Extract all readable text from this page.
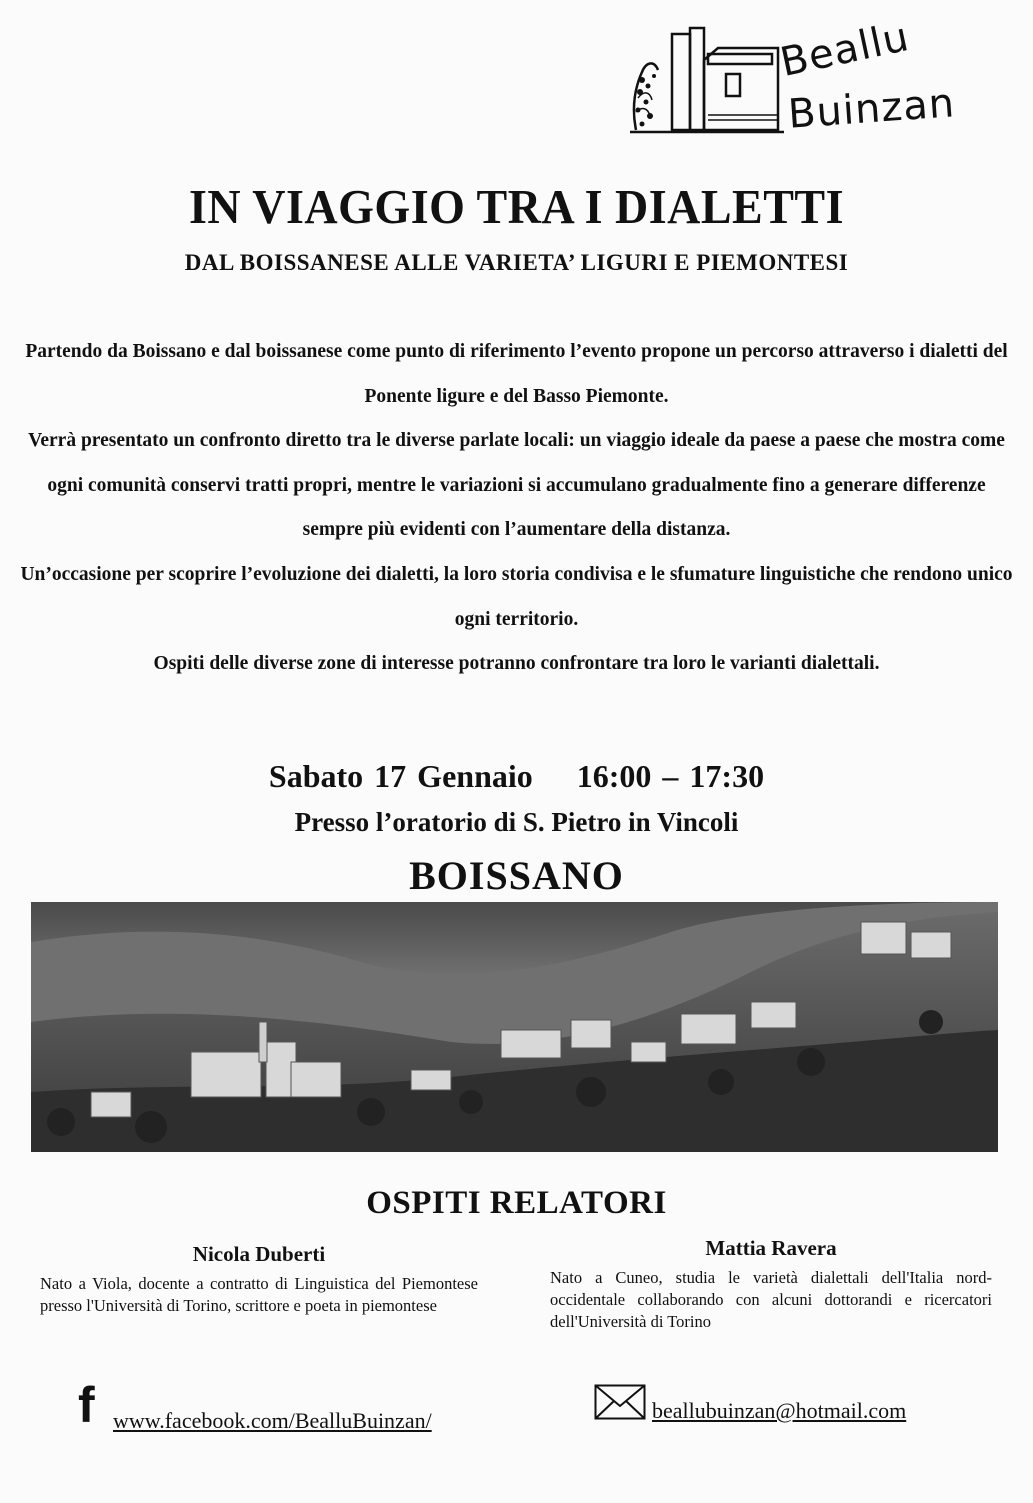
Beallu
Buinzan
IN VIAGGIO TRA I DIALETTI
DAL BOISSANESE ALLE VARIETA’ LIGURI E PIEMONTESI

Partendo da Boissano e dal boissanese come punto di riferimento l’evento propone un percorso attraverso i dialetti del Ponente ligure e del Basso Piemonte.

Verrà presentato un confronto diretto tra le diverse parlate locali: un viaggio ideale da paese a paese che mostra come ogni comunità conservi tratti propri, mentre le variazioni si accumulano gradualmente fino a generare differenze sempre più evidenti con l’aumentare della distanza.

Un’occasione per scoprire l’evoluzione dei dialetti, la loro storia condivisa e le sfumature linguistiche che rendono unico ogni territorio.

Ospiti delle diverse zone di interesse potranno confrontare tra loro le varianti dialettali.

Sabato 17 Gennaio 16:00 – 17:30
Presso l’oratorio di S. Pietro in Vincoli
BOISSANO
OSPITI RELATORI
Nicola Duberti

Nato a Viola, docente a contratto di Linguistica del Piemontese presso l'Università di Torino, scrittore e poeta in piemontese

Mattia Ravera

Nato a Cuneo, studia le varietà dialettali dell'Italia nord-occidentale collaborando con alcuni dottorandi e ricercatori dell'Università di Torino

f www.facebook.com/BealluBuinzan/	beallubuinzan@hotmail.com
